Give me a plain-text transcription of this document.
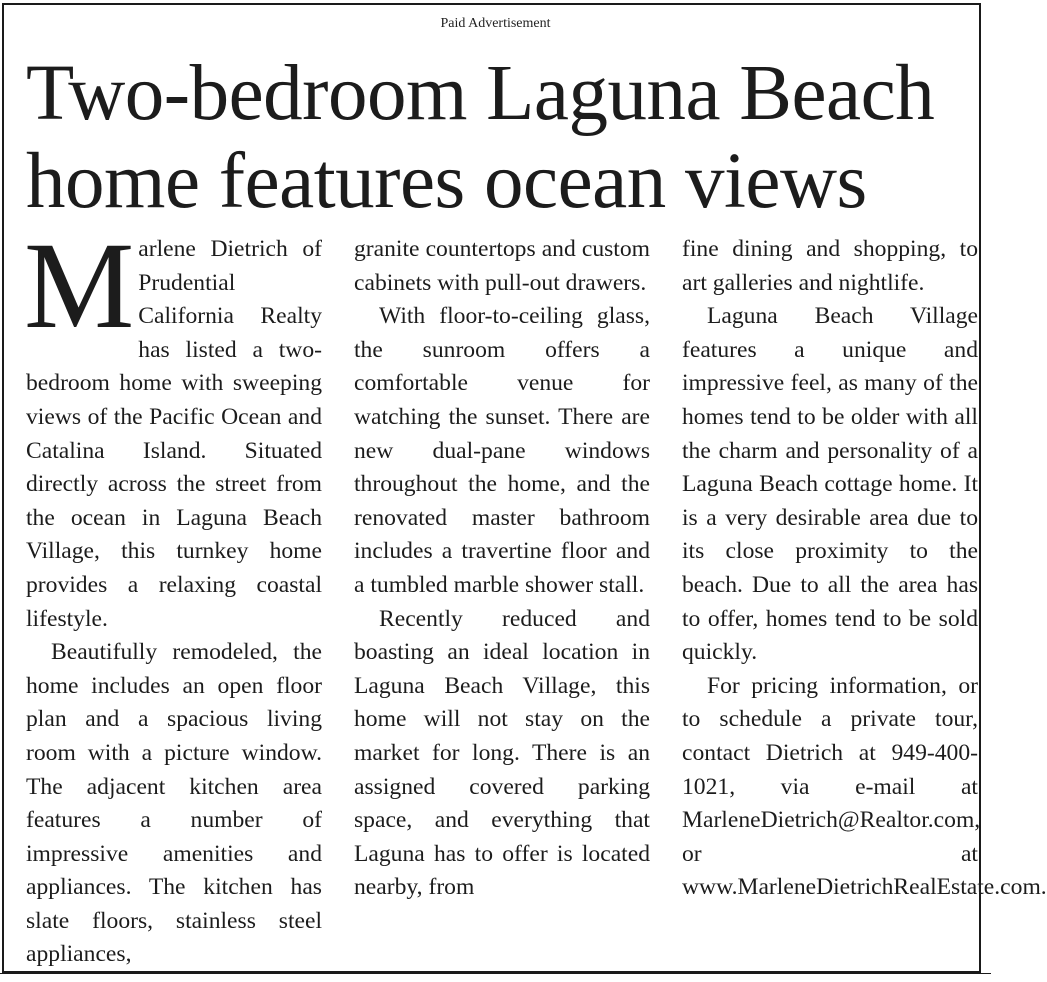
Paid Advertisement
Two-bedroom Laguna Beach home features ocean views

Marlene Dietrich of Prudential California Realty has listed a two-bedroom home with sweeping views of the Pacific Ocean and Catalina Island. Situated directly across the street from the ocean in Laguna Beach Village, this turnkey home provides a relaxing coastal lifestyle.

Beautifully remodeled, the home includes an open floor plan and a spacious living room with a picture window. The adjacent kitchen area features a number of impressive amenities and appliances. The kitchen has slate floors, stainless steel appliances,

granite countertops and custom cabinets with pull-out drawers.

With floor-to-ceiling glass, the sunroom offers a comfortable venue for watching the sunset. There are new dual-pane windows throughout the home, and the renovated master bathroom includes a travertine floor and a tumbled marble shower stall.

Recently reduced and boasting an ideal location in Laguna Beach Village, this home will not stay on the market for long. There is an assigned covered parking space, and everything that Laguna has to offer is located nearby, from

fine dining and shopping, to art galleries and nightlife.

Laguna Beach Village features a unique and impressive feel, as many of the homes tend to be older with all the charm and personality of a Laguna Beach cottage home. It is a very desirable area due to its close proximity to the beach. Due to all the area has to offer, homes tend to be sold quickly.

For pricing information, or to schedule a private tour, contact Dietrich at 949-400-1021, via e-mail at MarleneDietrich@Realtor.com, or at www.MarleneDietrichRealEstate.com.
